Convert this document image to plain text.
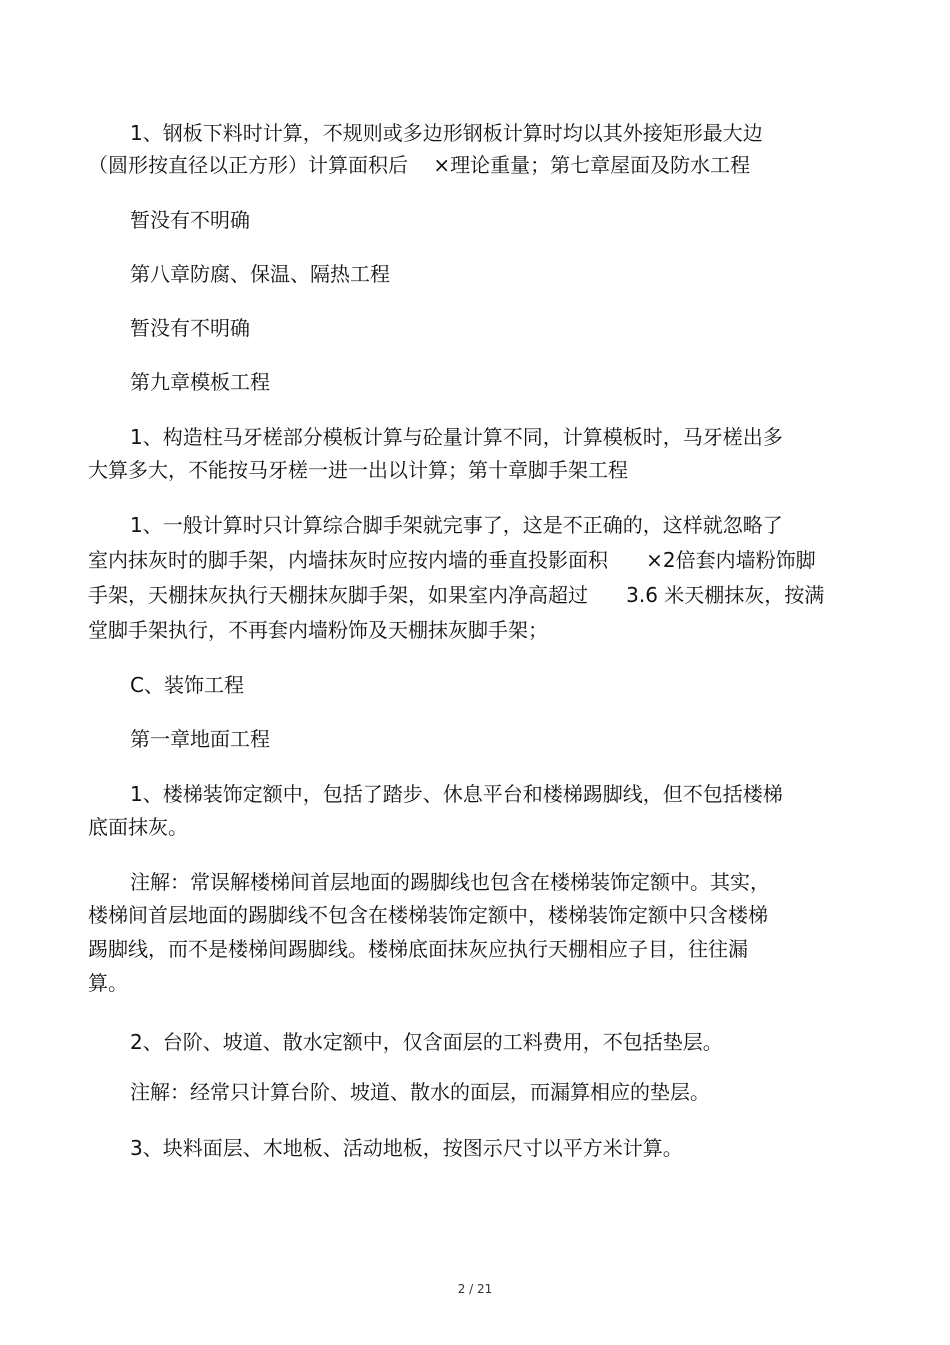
1、钢板下料时计算，不规则或多边形钢板计算时均以其外接矩形最大边
（圆形按直径以正方形）计算面积后    ×理论重量；第七章屋面及防水工程
暂没有不明确
第八章防腐、保温、隔热工程
暂没有不明确
第九章模板工程
1、构造柱马牙槎部分模板计算与砼量计算不同，计算模板时，马牙槎出多
大算多大，不能按马牙槎一进一出以计算；第十章脚手架工程
1、一般计算时只计算综合脚手架就完事了，这是不正确的，这样就忽略了
室内抹灰时的脚手架，内墙抹灰时应按内墙的垂直投影面积      ×2倍套内墙粉饰脚
手架，天棚抹灰执行天棚抹灰脚手架，如果室内净高超过      3.6 米天棚抹灰，按满
堂脚手架执行，不再套内墙粉饰及天棚抹灰脚手架；
C、装饰工程
第一章地面工程
1、楼梯装饰定额中，包括了踏步、休息平台和楼梯踢脚线，但不包括楼梯
底面抹灰。
注解：常误解楼梯间首层地面的踢脚线也包含在楼梯装饰定额中。其实，
楼梯间首层地面的踢脚线不包含在楼梯装饰定额中，楼梯装饰定额中只含楼梯
踢脚线，而不是楼梯间踢脚线。楼梯底面抹灰应执行天棚相应子目，往往漏
算。
2、台阶、坡道、散水定额中，仅含面层的工料费用，不包括垫层。
注解：经常只计算台阶、坡道、散水的面层，而漏算相应的垫层。
3、块料面层、木地板、活动地板，按图示尺寸以平方米计算。
2 / 21
